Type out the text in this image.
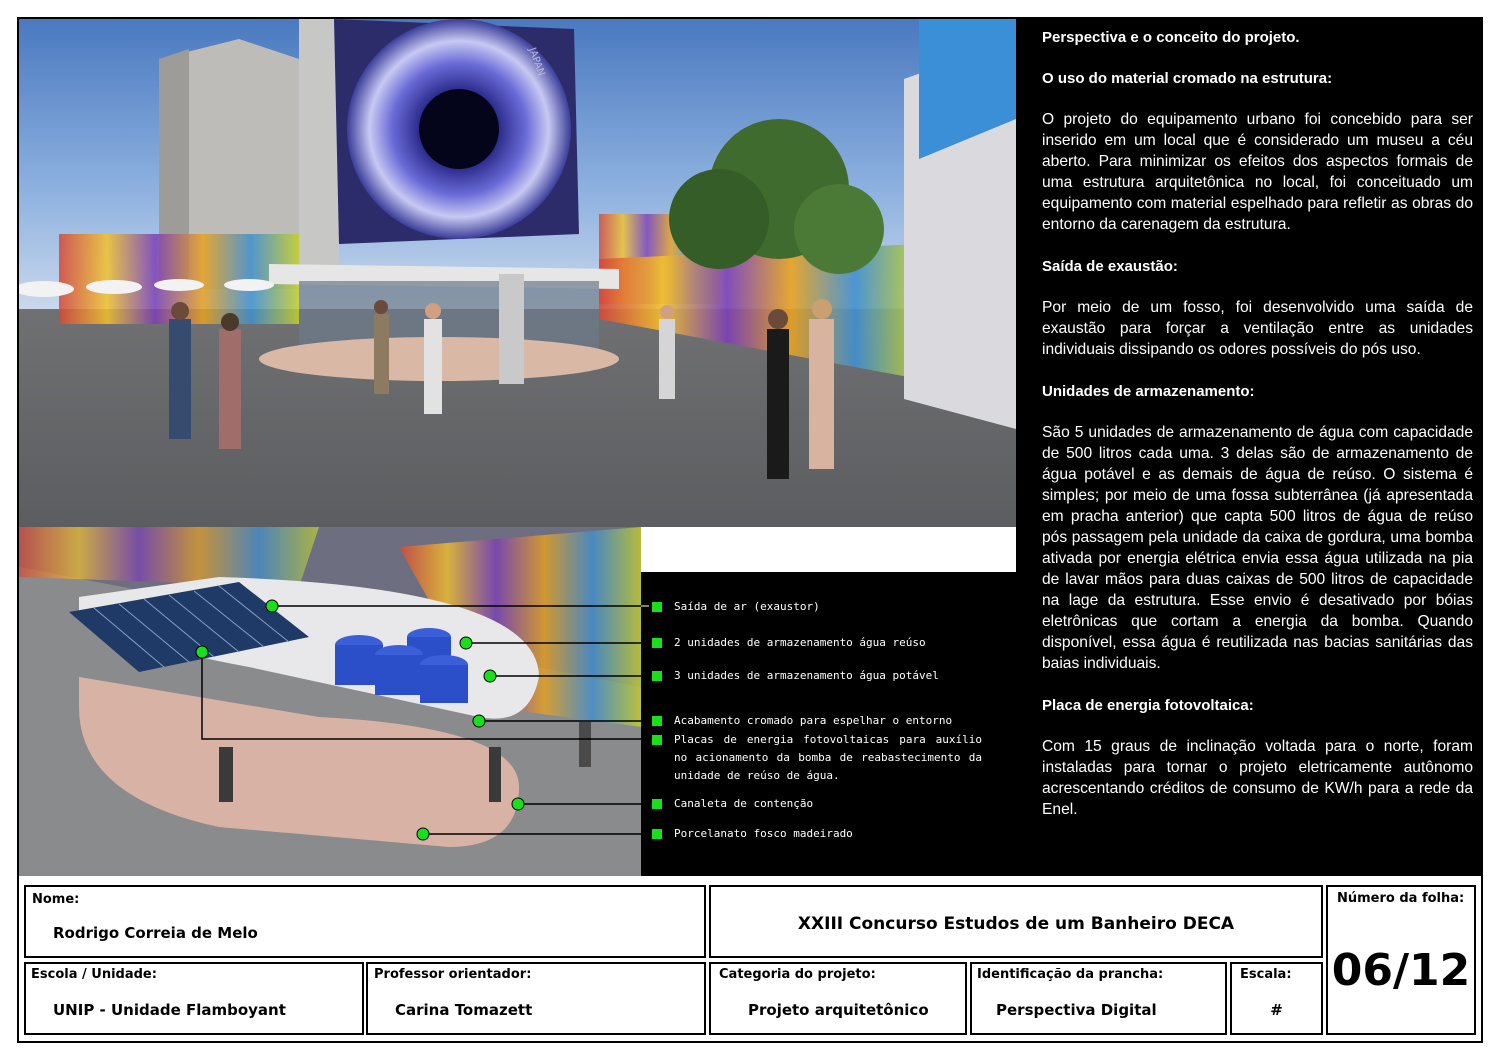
JAPAN
Saída de ar (exaustor)
2 unidades de armazenamento água reúso
3 unidades de armazenamento água potável
Acabamento cromado para espelhar o entorno
Placas de energia fotovoltaicas para auxílio no acionamento da bomba de reabastecimento da unidade de reúso de água.
Canaleta de contenção
Porcelanato fosco madeirado
Perspectiva e o conceito do projeto.
O uso do material cromado na estrutura:

O projeto do equipamento urbano foi concebido para ser inserido em um local que é considerado um museu a céu aberto. Para minimizar os efeitos dos aspectos formais de uma estrutura arquitetônica no local, foi conceituado um equipamento com material espelhado para refletir as obras do entorno da carenagem da estrutura.

Saída de exaustão:

Por meio de um fosso, foi desenvolvido uma saída de exaustão para forçar a ventilação entre as unidades individuais dissipando os odores possíveis do pós uso.

Unidades de armazenamento:

São 5 unidades de armazenamento de água com capacidade de 500 litros cada uma. 3 delas são de armazenamento de água potável e as demais de água de reúso. O sistema é simples; por meio de uma fossa subterrânea (já apresentada em pracha anterior) que capta 500 litros de água de reúso pós passagem pela unidade da caixa de gordura, uma bomba ativada por energia elétrica envia essa água utilizada na pia de lavar mãos para duas caixas de 500 litros de capacidade na lage da estrutura. Esse envio é desativado por bóias eletrônicas que cortam a energia da bomba. Quando disponível, essa água é reutilizada nas bacias sanitárias das baias individuais.

Placa de energia fotovoltaica:

Com 15 graus de inclinação voltada para o norte, foram instaladas para tornar o projeto eletricamente autônomo acrescentando créditos de consumo de KW/h para a rede da Enel.

Nome:
Rodrigo Correia de Melo	XXIII Concurso Estudos de um Banheiro DECA
Número da folha:
06/12
Escola / Unidade:
UNIP - Unidade Flamboyant
Professor orientador:
Carina Tomazett
Categoria do projeto:
Projeto arquitetônico
Identificação da prancha:
Perspectiva Digital
Escala:
#
